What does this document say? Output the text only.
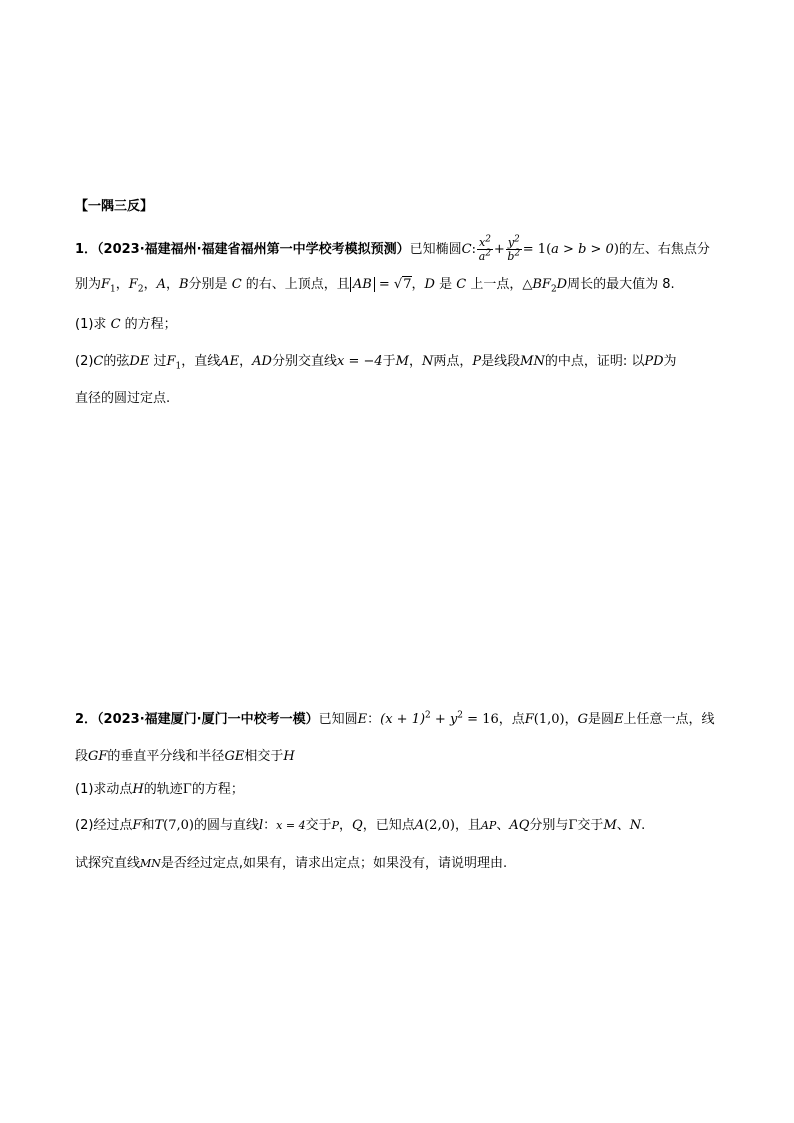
【一隅三反】
1．（2023·福建福州·福建省福州第一中学校考模拟预测）已知椭圆C: $\frac{x^2}{a^2} + \frac{y^2}{b^2} = 1(a > b > 0)$的左、右焦点分
别为$F_1$，$F_2$，A，B分别是 C 的右、上顶点，且 AB = √7，D 是 C 上一点，$\triangle BF_2D$周长的最大值为 8.
(1)求 C 的方程；
(2)C的弦DE 过$F_1$，直线AE，AD分别交直线x = −4于M，N两点，P是线段MN的中点，证明: 以PD为
直径的圆过定点.
2．（2023·福建厦门·厦门一中校考一模）已知圆E：$(x + 1)^2 + y^2 = 16$，点F(1,0)，G是圆E上任意一点，线
段GF的垂直平分线和半径GE相交于H
(1)求动点H的轨迹Γ的方程；
(2)经过点F和T(7,0)的圆与直线l：x = 4交于P，Q，已知点A(2,0)，且AP、AQ分别与Γ交于M、N.
试探究直线MN是否经过定点,如果有，请求出定点；如果没有，请说明理由.
